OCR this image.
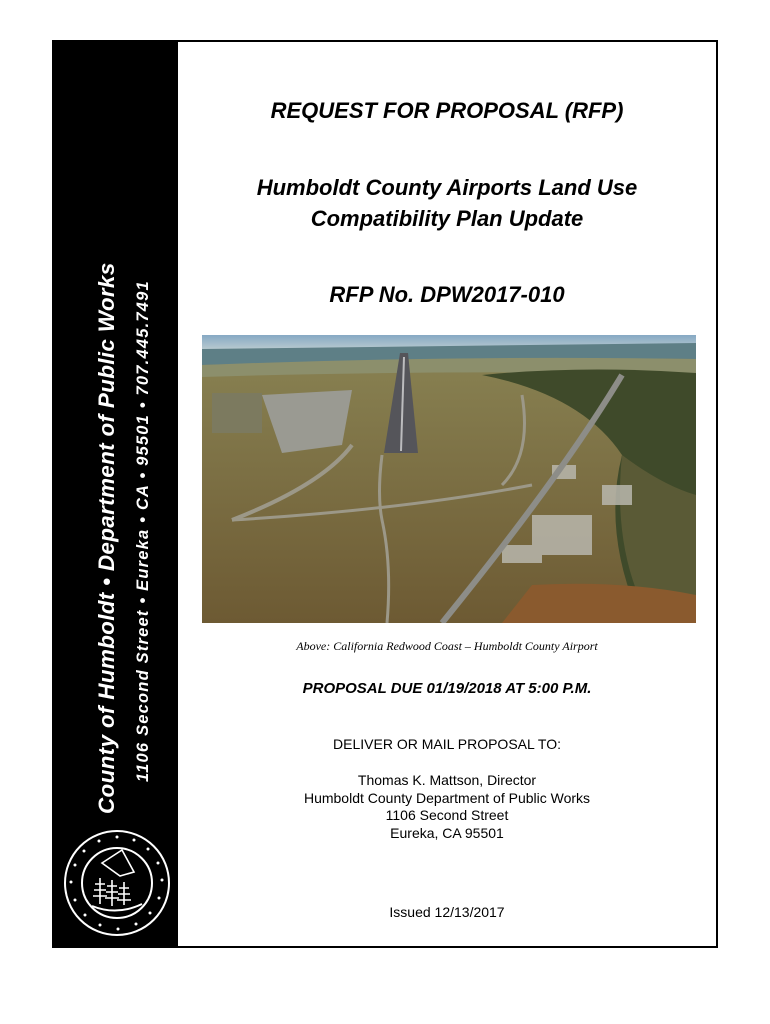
County of Humboldt • Department of Public Works 1106 Second Street • Eureka • CA • 95501 • 707.445.7491
REQUEST FOR PROPOSAL (RFP)
Humboldt County Airports Land Use
Compatibility Plan Update
RFP No. DPW2017-010
Above: California Redwood Coast – Humboldt County Airport
PROPOSAL DUE 01/19/2018 AT 5:00 P.M.
DELIVER OR MAIL PROPOSAL TO:
Thomas K. Mattson, Director
Humboldt County Department of Public Works
1106 Second Street
Eureka, CA 95501
Issued 12/13/2017
